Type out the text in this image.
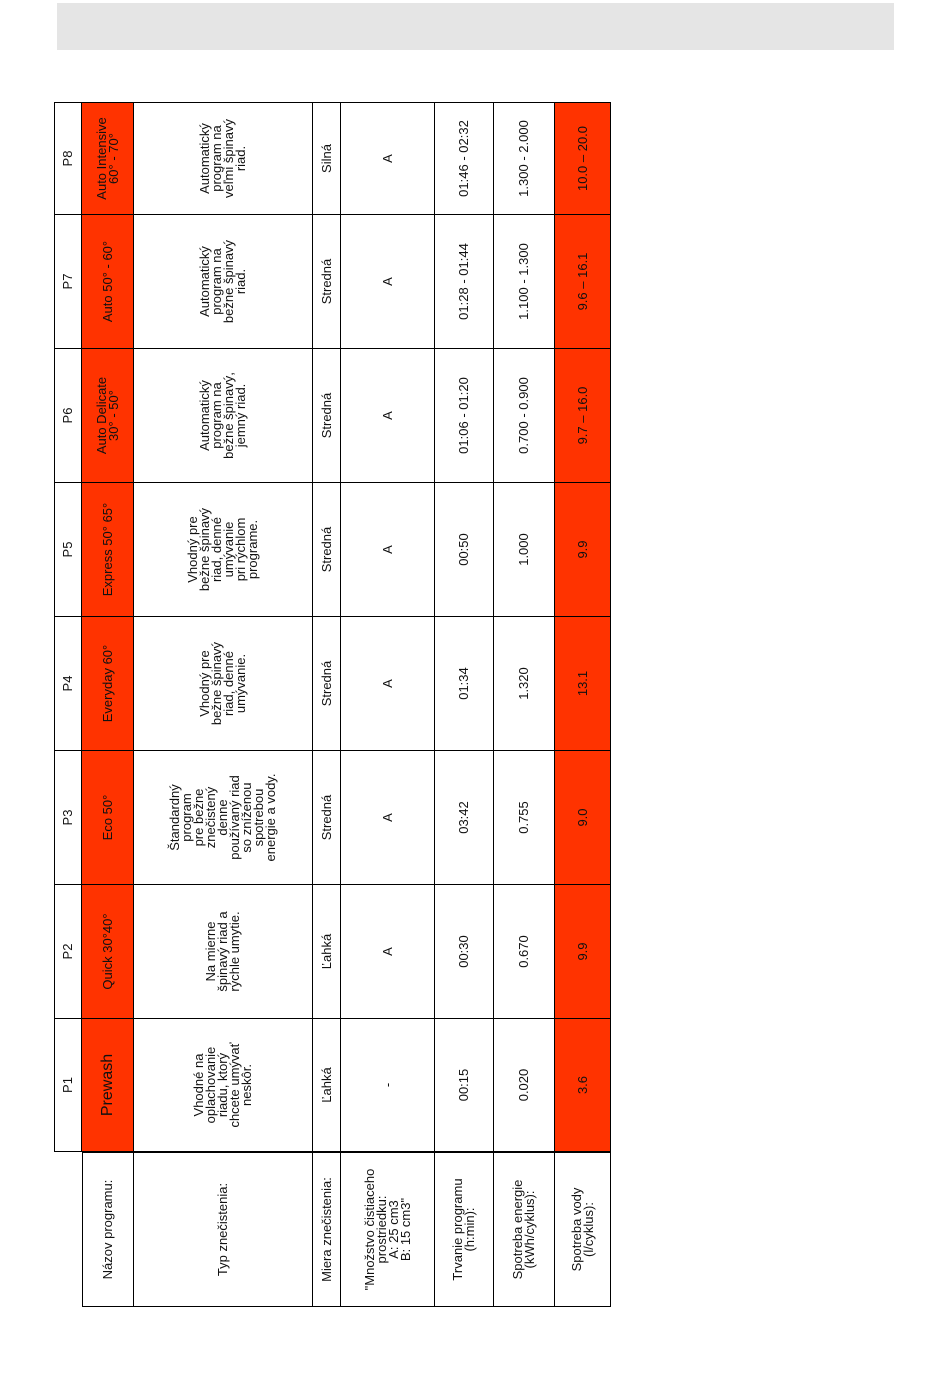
P1
P2
P3
P4
P5
P6
P7
P8
Názov programu:
Prewash
Quick 30°40°
Eco 50°
Everyday 60°
Express 50° 65°
Auto Delicate
30° - 50°
Auto 50° - 60°
Auto Intensive
60° - 70°
Typ znečistenia:
Vhodné na
oplachovanie
riadu, ktorý
chcete umývať
neskôr.
Na mierne
špinavý riad a
rýchle umytie.
Štandardný
program
pre bežne
znečistený
denne
používaný riad
so zníženou
spotrebou
energie a vody.
Vhodný pre
bežne špinavý
riad, denné
umývanie.
Vhodný pre
bežne špinavý
riad, denné
umývanie
pri rýchlom
programe.
Automatický
program na
bežne špinavý,
jemný riad.
Automatický
program na
bežne špinavý
riad.
Automatický
program na
veľmi špinavý
riad.
Miera znečistenia:
Ľahká
Ľahká
Stredná
Stredná
Stredná
Stredná
Stredná
Silná
"Množstvo čistiaceho prostriedku:
A: 25 cm3
B: 15 cm3"
-
A
A
A
A
A
A
A
Trvanie programu
(h:min):
00:15
00:30
03:42
01:34
00:50
01:06 - 01:20
01:28 - 01:44
01:46 - 02:32
Spotreba energie
(kWh/cyklus):
0.020
0.670
0.755
1.320
1.000
0.700 - 0.900
1.100 - 1.300
1.300 - 2.000
Spotreba vody
(l/cyklus):
3.6
9.9
9.0
13.1
9.9
9.7 – 16.0
9.6 – 16.1
10.0 – 20.0
